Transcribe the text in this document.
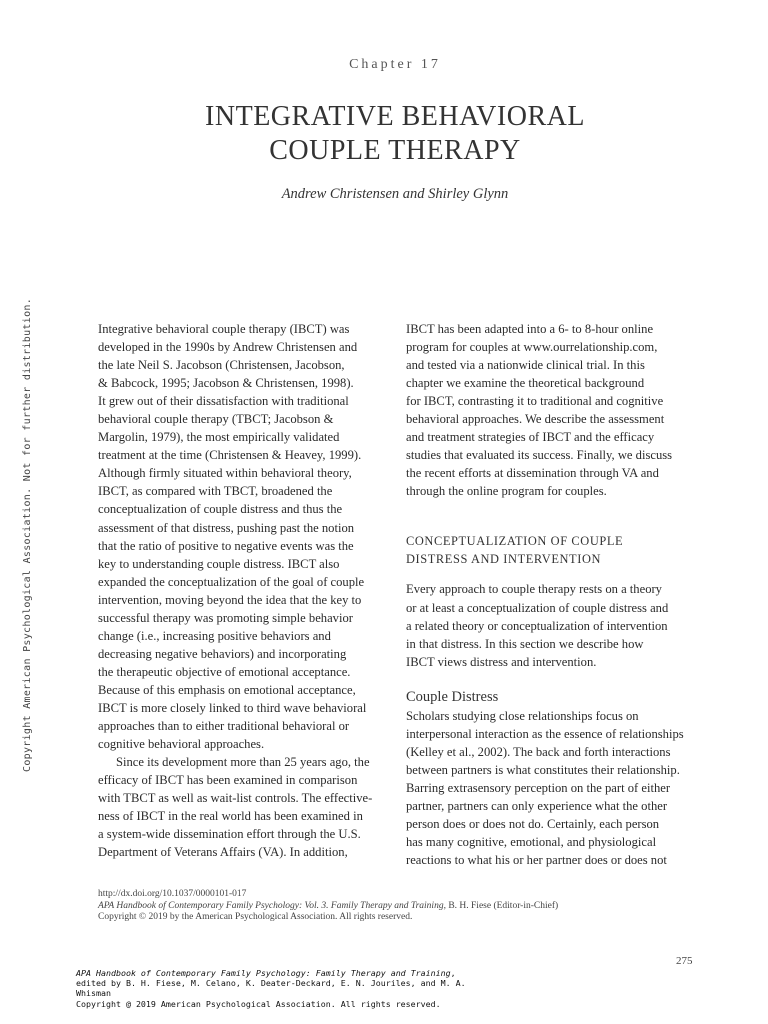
Chapter 17
INTEGRATIVE BEHAVIORAL
COUPLE THERAPY
Andrew Christensen and Shirley Glynn
Copyright American Psychological Association. Not for further distribution.	Integrative behavioral couple therapy (IBCT) was
developed in the 1990s by Andrew Christensen and
the late Neil S. Jacobson (Christensen, Jacobson,
& Babcock, 1995; Jacobson & Christensen, 1998).
It grew out of their dissatisfaction with traditional
behavioral couple therapy (TBCT; Jacobson &
Margolin, 1979), the most empirically validated
treatment at the time (Christensen & Heavey, 1999).
Although firmly situated within behavioral theory,
IBCT, as compared with TBCT, broadened the
conceptualization of couple distress and thus the
assessment of that distress, pushing past the notion
that the ratio of positive to negative events was the
key to understanding couple distress. IBCT also
expanded the conceptualization of the goal of couple
intervention, moving beyond the idea that the key to
successful therapy was promoting simple behavior
change (i.e., increasing positive behaviors and
decreasing negative behaviors) and incorporating
the therapeutic objective of emotional acceptance.
Because of this emphasis on emotional acceptance,
IBCT is more closely linked to third wave behavioral
approaches than to either traditional behavioral or
cognitive behavioral approaches.
Since its development more than 25 years ago, the
efficacy of IBCT has been examined in comparison
with TBCT as well as wait-list controls. The effective-
ness of IBCT in the real world has been examined in
a system-wide dissemination effort through the U.S.
Department of Veterans Affairs (VA). In addition,
IBCT has been adapted into a 6- to 8-hour online
program for couples at www.ourrelationship.com,
and tested via a nationwide clinical trial. In this
chapter we examine the theoretical background
for IBCT, contrasting it to traditional and cognitive
behavioral approaches. We describe the assessment
and treatment strategies of IBCT and the efficacy
studies that evaluated its success. Finally, we discuss
the recent efforts at dissemination through VA and
through the online program for couples.
CONCEPTUALIZATION OF COUPLE
DISTRESS AND INTERVENTION
Every approach to couple therapy rests on a theory
or at least a conceptualization of couple distress and
a related theory or conceptualization of intervention
in that distress. In this section we describe how
IBCT views distress and intervention.
Couple Distress
Scholars studying close relationships focus on
interpersonal interaction as the essence of relationships
(Kelley et al., 2002). The back and forth interactions
between partners is what constitutes their relationship.
Barring extrasensory perception on the part of either
partner, partners can only experience what the other
person does or does not do. Certainly, each person
has many cognitive, emotional, and physiological
reactions to what his or her partner does or does not
http://dx.doi.org/10.1037/0000101-017
APA Handbook of Contemporary Family Psychology: Vol. 3. Family Therapy and Training, B. H. Fiese (Editor-in-Chief)
Copyright © 2019 by the American Psychological Association. All rights reserved.
275
APA Handbook of Contemporary Family Psychology: Family Therapy and Training,
edited by B. H. Fiese, M. Celano, K. Deater-Deckard, E. N. Jouriles, and M. A.
Whisman
Copyright @ 2019 American Psychological Association. All rights reserved.
